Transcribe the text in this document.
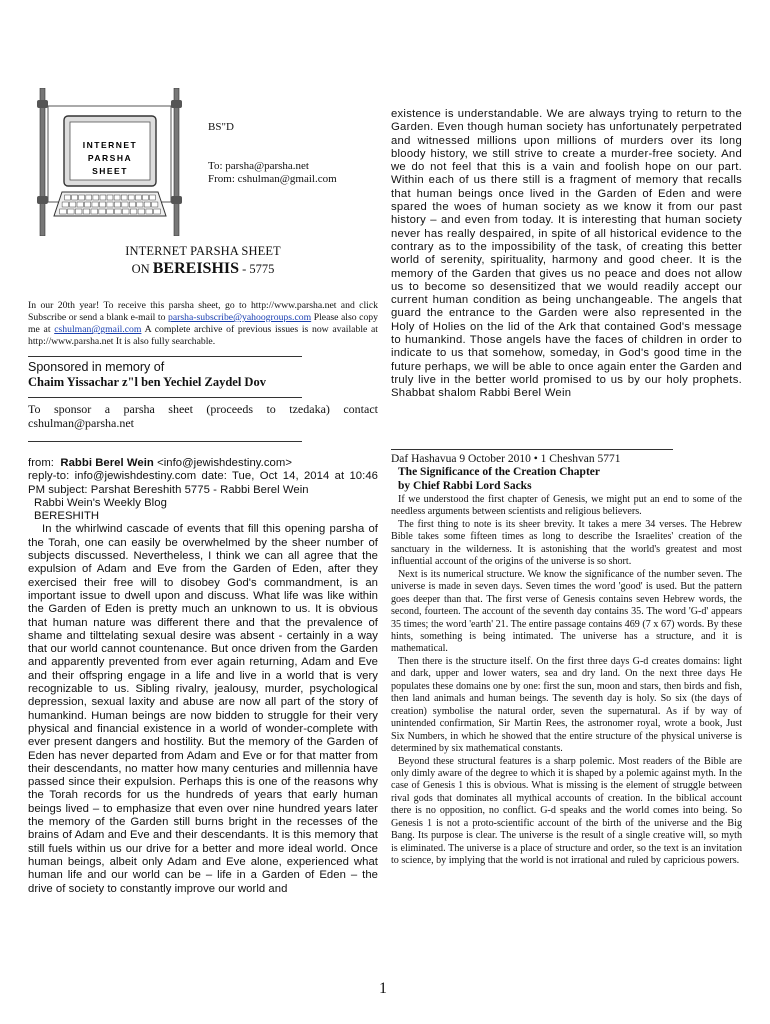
INTERNET
PARSHA
SHEET
BS"D
To: parsha@parsha.net
From: cshulman@gmail.com
INTERNET PARSHA SHEET
ON BEREISHIS - 5775
In our 20th year! To receive this parsha sheet, go to http://www.parsha.net and click Subscribe or send a blank e-mail to parsha-subscribe@yahoogroups.com Please also copy me at cshulman@gmail.com A complete archive of previous issues is now available at http://www.parsha.net It is also fully searchable.
Sponsored in memory of
Chaim Yissachar z"l ben Yechiel Zaydel Dov
To sponsor a parsha sheet (proceeds to tzedaka) contact cshulman@parsha.net

from: Rabbi Berel Wein <info@jewishdestiny.com>

reply-to: info@jewishdestiny.com date: Tue, Oct 14, 2014 at 10:46 PM subject: Parshat Bereshith 5775 - Rabbi Berel Wein

Rabbi Wein's Weekly Blog

BERESHITH

In the whirlwind cascade of events that fill this opening parsha of the Torah, one can easily be overwhelmed by the sheer number of subjects discussed. Nevertheless, I think we can all agree that the expulsion of Adam and Eve from the Garden of Eden, after they exercised their free will to disobey God's commandment, is an important issue to dwell upon and discuss. What life was like within the Garden of Eden is pretty much an unknown to us. It is obvious that human nature was different there and that the prevalence of shame and tilttelating sexual desire was absent - certainly in a way that our world cannot countenance. But once driven from the Garden and apparently prevented from ever again returning, Adam and Eve and their offspring engage in a life and live in a world that is very recognizable to us. Sibling rivalry, jealousy, murder, psychological depression, sexual laxity and abuse are now all part of the story of humankind. Human beings are now bidden to struggle for their very physical and financial existence in a world of wonder-complete with ever present dangers and hostility. But the memory of the Garden of Eden has never departed from Adam and Eve or for that matter from their descendants, no matter how many centuries and millennia have passed since their expulsion. Perhaps this is one of the reasons why the Torah records for us the hundreds of years that early human beings lived – to emphasize that even over nine hundred years later the memory of the Garden still burns bright in the recesses of the brains of Adam and Eve and their descendants. It is this memory that still fuels within us our drive for a better and more ideal world. Once human beings, albeit only Adam and Eve alone, experienced what human life and our world can be – life in a Garden of Eden – the drive of society to constantly improve our world and

existence is understandable. We are always trying to return to the Garden. Even though human society has unfortunately perpetrated and witnessed millions upon millions of murders over its long bloody history, we still strive to create a murder-free society. And we do not feel that this is a vain and foolish hope on our part. Within each of us there still is a fragment of memory that recalls that human beings once lived in the Garden of Eden and were spared the woes of human society as we know it from our past history – and even from today. It is interesting that human society never has really despaired, in spite of all historical evidence to the contrary as to the impossibility of the task, of creating this better world of serenity, spirituality, harmony and good cheer. It is the memory of the Garden that gives us no peace and does not allow us to become so desensitized that we would readily accept our current human condition as being unchangeable. The angels that guard the entrance to the Garden were also represented in the Holy of Holies on the lid of the Ark that contained God's message to humankind. Those angels have the faces of children in order to indicate to us that somehow, someday, in God's good time in the future perhaps, we will be able to once again enter the Garden and truly live in the better world promised to us by our holy prophets. Shabbat shalom Rabbi Berel Wein

Daf Hashavua 9 October 2010 • 1 Cheshvan 5771
The Significance of the Creation Chapter
by Chief Rabbi Lord Sacks

If we understood the first chapter of Genesis, we might put an end to some of the needless arguments between scientists and religious believers.

The first thing to note is its sheer brevity. It takes a mere 34 verses. The Hebrew Bible takes some fifteen times as long to describe the Israelites' creation of the sanctuary in the wilderness. It is astonishing that the world's greatest and most influential account of the origins of the universe is so short.

Next is its numerical structure. We know the significance of the number seven. The universe is made in seven days. Seven times the word 'good' is used. But the pattern goes deeper than that. The first verse of Genesis contains seven Hebrew words, the second, fourteen. The account of the seventh day contains 35. The word 'G-d' appears 35 times; the word 'earth' 21. The entire passage contains 469 (7 x 67) words. By these hints, something is being intimated. The universe has a structure, and it is mathematical.

Then there is the structure itself. On the first three days G-d creates domains: light and dark, upper and lower waters, sea and dry land. On the next three days He populates these domains one by one: first the sun, moon and stars, then birds and fish, then land animals and human beings. The seventh day is holy. So six (the days of creation) symbolise the natural order, seven the supernatural. As if by way of unintended confirmation, Sir Martin Rees, the astronomer royal, wrote a book, Just Six Numbers, in which he showed that the entire structure of the physical universe is determined by six mathematical constants.

Beyond these structural features is a sharp polemic. Most readers of the Bible are only dimly aware of the degree to which it is shaped by a polemic against myth. In the case of Genesis 1 this is obvious. What is missing is the element of struggle between rival gods that dominates all mythical accounts of creation. In the biblical account there is no opposition, no conflict. G-d speaks and the world comes into being. So Genesis 1 is not a proto-scientific account of the birth of the universe and the Big Bang. Its purpose is clear. The universe is the result of a single creative will, so myth is eliminated. The universe is a place of structure and order, so the text is an invitation to science, by implying that the world is not irrational and ruled by capricious powers.

1
